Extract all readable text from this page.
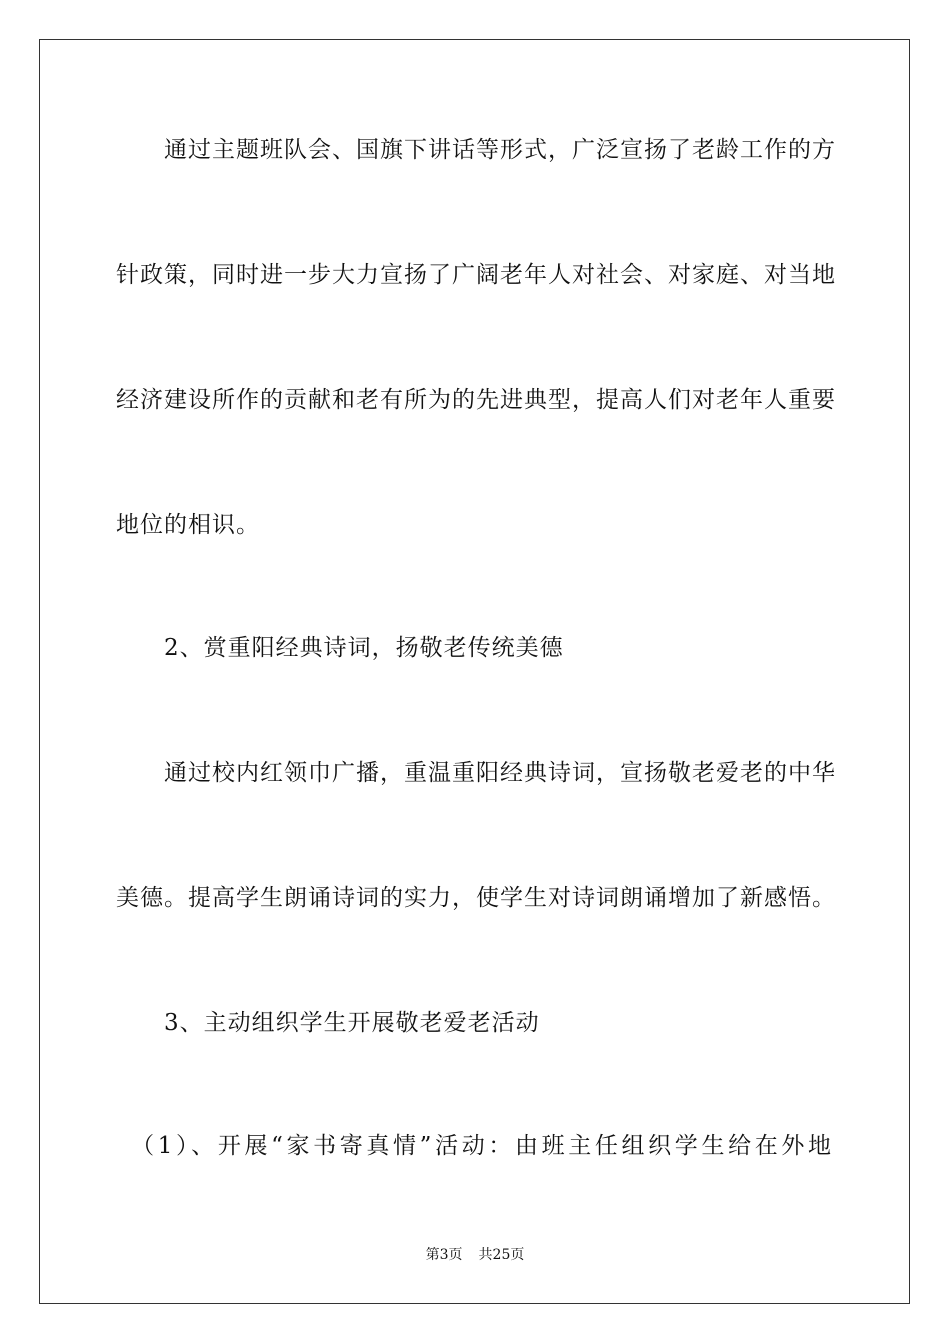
　　通过主题班队会、国旗下讲话等形式，广泛宣扬了老龄工作的方
针政策，同时进一步大力宣扬了广阔老年人对社会、对家庭、对当地
经济建设所作的贡献和老有所为的先进典型，提高人们对老年人重要
地位的相识。
　　2、赏重阳经典诗词，扬敬老传统美德
　　通过校内红领巾广播，重温重阳经典诗词，宣扬敬老爱老的中华
美德。提高学生朗诵诗词的实力，使学生对诗词朗诵增加了新感悟。
　　3、主动组织学生开展敬老爱老活动
　（1）、开展“家书寄真情”活动：由班主任组织学生给在外地
第3页 共25页
